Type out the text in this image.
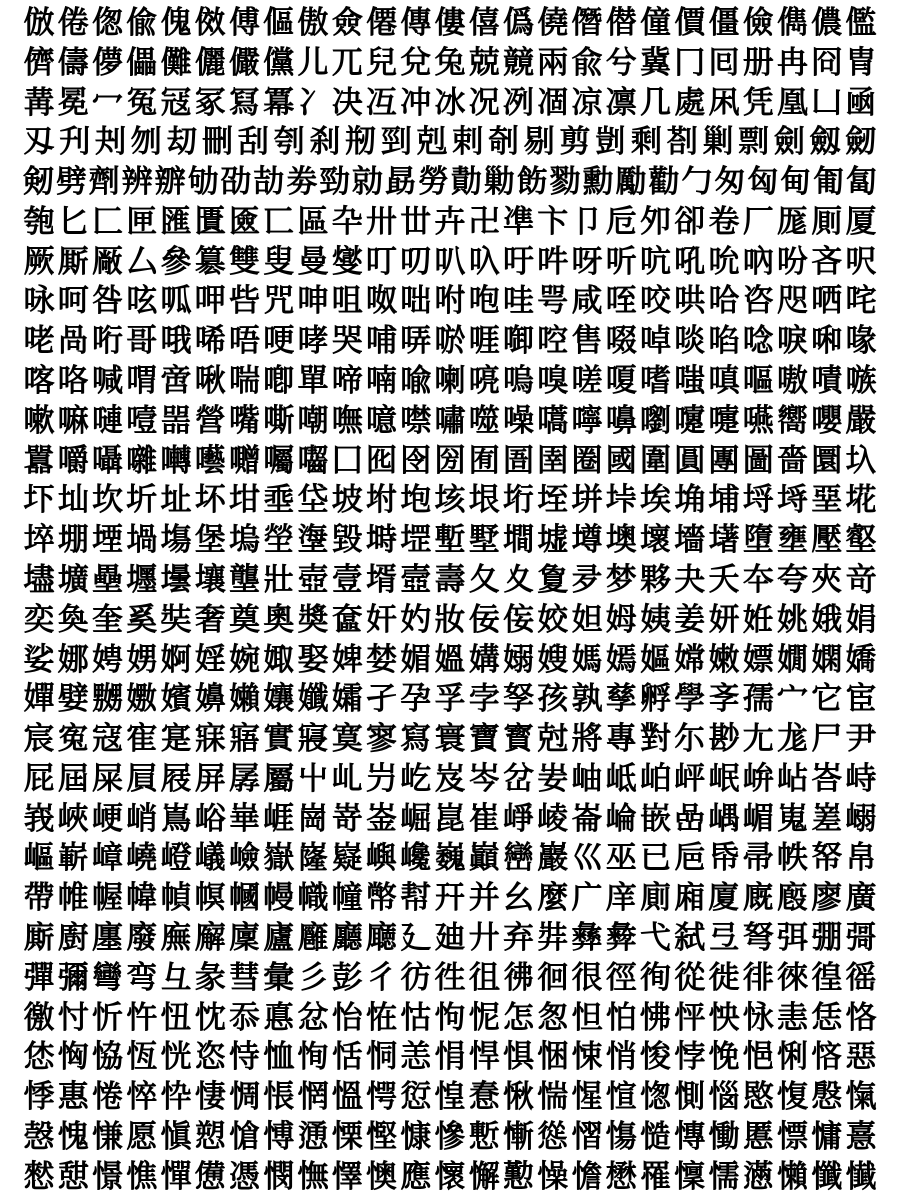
倣 倦 偬 偸 傀 傚 傅 傴 傲 僉 僊 傳 僂 僖 僞 僥 僭 僣 僮 價 僵 儉 儁 儂 儖
儕 儔 儚 儡 儺 儷 儼 儻 儿 兀 兒 兌 兔 兢 竸 兩 兪 兮 冀 冂 囘 册 冉 冏 冑
冓 冕 冖 冤 冦 冢 冩 冪 冫 决 冱 冲 冰 况 冽 凅 凉 凛 几 處 凩 凭 凰 凵 凾
刄 刋 刔 刎 刧 刪 刮 刳 刹 剏 剄 剋 剌 剞 剔 剪 剴 剩 剳 剿 剽 劍 劔 劒
剱 劈 劑 辨 辧 劬 劭 劼 劵 勁 勍 勗 勞 勣 勦 飭 勠 勳 勵 勸 勹 匆 匈 甸 匍 匐
匏 匕 匚 匣 匯 匱 匳 匸 區 卆 卅 丗 卉 卍 凖 卞 卩 卮 夘 卻 卷 厂 厖 厠 厦
厥 厮 厰 厶 參 簒 雙 叟 曼 燮 叮 叨 叭 叺 吁 吽 呀 听 吭 吼 吮 吶 吩 吝 呎
咏 呵 咎 呟 呱 呷 呰 咒 呻 咀 呶 咄 咐 咆 哇 咢 咸 咥 咬 哄 哈 咨 咫 哂 咤
咾 咼 哘 哥 哦 唏 唔 哽 哮 哭 哺 哢 唹 啀 啣 啌 售 啜 啅 啖 啗 唸 唳 啝 喙
喀 咯 喊 喟 啻 啾 喘 喞 單 啼 喃 喩 喇 喨 嗚 嗅 嗟 嗄 嗜 嗤 嗔 嘔 嗷 嘖 嗾
嗽 嘛 嗹 噎 噐 營 嘴 嘶 嘲 嘸 噫 噤 嘯 噬 噪 嚆 嚀 嚊 嚠 嚔 嚏 嚥 嚮 嚶 嚴
囂 嚼 囁 囃 囀 囈 囎 囑 囓 囗 囮 囹 圀 囿 圄 圉 圈 國 圍 圓 團 圖 嗇 圜 圦
圷 圸 坎 圻 址 坏 坩 埀 垈 坡 坿 垉 垓 垠 垳 垤 垪 垰 埃 埆 埔 埒 埓 堊 埖
埣 堋 堙 堝 塲 堡 塢 塋 塰 毀 塒 堽 塹 墅 墹 墟 墫 墺 壞 墻 墸 墮 壅 壓 壑
壗 壙 壘 壥 壜 壤 壟 壯 壺 壹 壻 壼 壽 夂 夊 夐 夛 梦 夥 夬 夭 夲 夸 夾 竒
奕 奐 奎 奚 奘 奢 奠 奧 奬 奩 奸 妁 妝 佞 侫 姣 妲 姆 姨 姜 妍 姙 姚 娥 娟
娑 娜 娉 娚 婀 婬 婉 娵 娶 婢 婪 媚 媼 媾 嫋 嫂 媽 嫣 嫗 嫦 嫩 嫖 嫺 嫻 嬌
嬋 嬖 嬲 嫐 嬪 嬶 嬾 孃 孅 孀 孑 孕 孚 孛 孥 孩 孰 孳 孵 學 斈 孺 宀 它 宦
宸 寃 寇 寉 寔 寐 寤 實 寢 寞 寥 寫 寰 寶 寳 尅 將 專 對 尓 尠 尢 尨 尸 尹
屁 屆 屎 屓 屐 屏 孱 屬 屮 乢 屶 屹 岌 岑 岔 妛 岫 岻 岶 岼 岷 峅 岾 峇 峙
峩 峽 峺 峭 嶌 峪 崋 崕 崗 嵜 崟 崛 崑 崔 崢 崚 崙 崘 嵌 嵒 嵎 嵋 嵬 嵳 嵶
嶇 嶄 嶂 嶢 嶝 嶬 嶮 嶽 嶐 嶷 嶼 巉 巍 巓 巒 巖 巛 巫 已 巵 帋 帚 帙 帑 帛
帶 帷 幄 幃 幀 幎 幗 幔 幟 幢 幤 幇 幵 并 幺 麼 广 庠 廁 廂 廈 廐 廏 廖 廣
廝 廚 廛 廢 廡 廨 廩 廬 廱 廳 廰 廴 廸 廾 弃 弉 彝 彜 弋 弑 弖 弩 弭 弸 彁
彈 彌 彎 弯 彑 彖 彗 彙 彡 彭 彳 彷 徃 徂 彿 徊 很 徑 徇 從 徙 徘 徠 徨 徭
徼 忖 忻 忤 忸 忱 忝 悳 忿 怡 恠 怙 怐 怩 怎 怱 怛 怕 怫 怦 怏 怺 恚 恁 恪
恷 恟 恊 恆 恍 恣 恃 恤 恂 恬 恫 恙 悁 悍 惧 悃 悚 悄 悛 悖 悗 悒 悧 悋 惡
悸 惠 惓 悴 忰 悽 惆 悵 惘 慍 愕 愆 惶 惷 愀 惴 惺 愃 愡 惻 惱 愍 愎 慇 愾
愨 愧 慊 愿 愼 愬 愴 愽 慂 慄 慳 慷 慘 慙 慚 慫 慴 慯 慥 慱 慟 慝 慓 慵 憙
憖 憇 憬 憔 憚 憊 憑 憫 憮 懌 懊 應 懷 懈 懃 懆 憺 懋 罹 懍 懦 懣 懶 懺 懴
